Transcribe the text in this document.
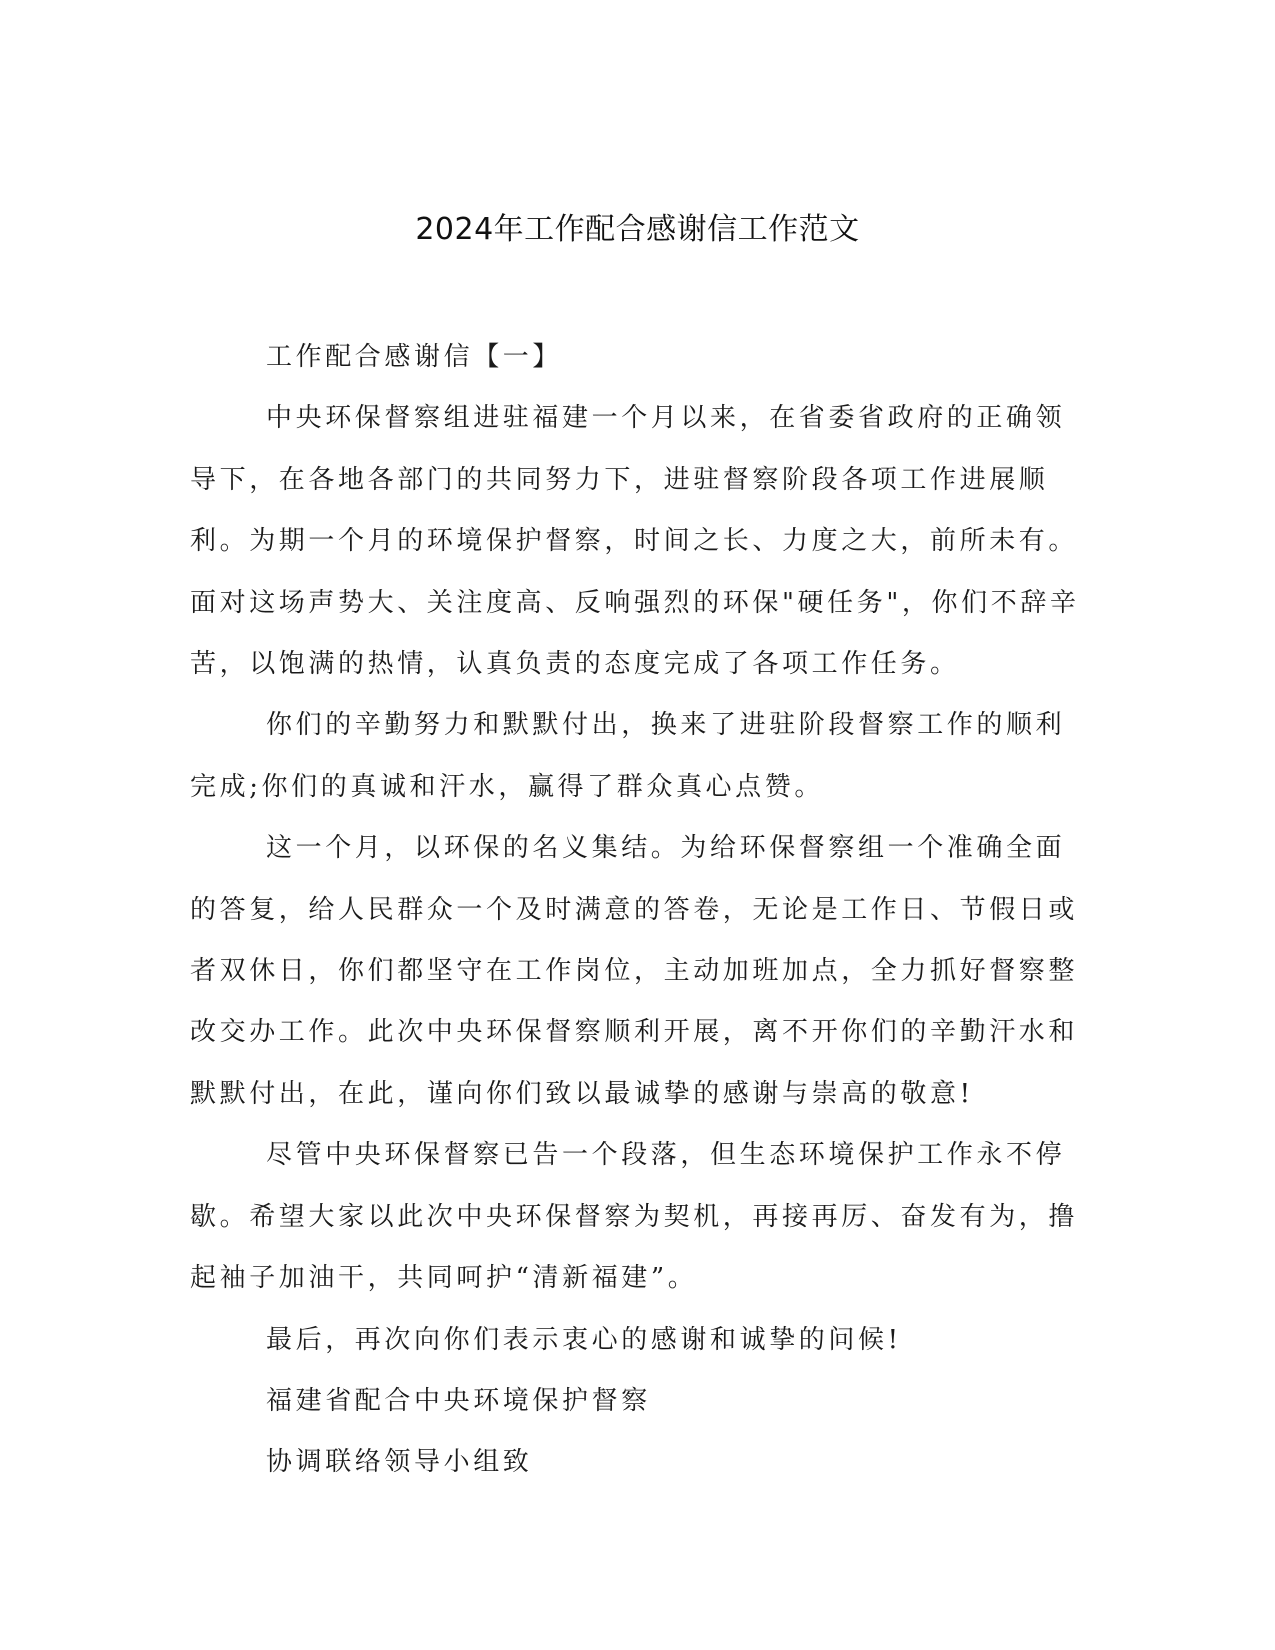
2024年工作配合感谢信工作范文

工作配合感谢信【一】

中央环保督察组进驻福建一个月以来，在省委省政府的正确领导下，在各地各部门的共同努力下，进驻督察阶段各项工作进展顺利。为期一个月的环境保护督察，时间之长、力度之大，前所未有。面对这场声势大、关注度高、反响强烈的环保"硬任务"，你们不辞辛苦，以饱满的热情，认真负责的态度完成了各项工作任务。

你们的辛勤努力和默默付出，换来了进驻阶段督察工作的顺利完成;你们的真诚和汗水，赢得了群众真心点赞。

这一个月，以环保的名义集结。为给环保督察组一个准确全面的答复，给人民群众一个及时满意的答卷，无论是工作日、节假日或者双休日，你们都坚守在工作岗位，主动加班加点，全力抓好督察整改交办工作。此次中央环保督察顺利开展，离不开你们的辛勤汗水和默默付出，在此，谨向你们致以最诚挚的感谢与崇高的敬意!

尽管中央环保督察已告一个段落，但生态环境保护工作永不停歇。希望大家以此次中央环保督察为契机，再接再厉、奋发有为，撸起袖子加油干，共同呵护“清新福建”。

最后，再次向你们表示衷心的感谢和诚挚的问候!

福建省配合中央环境保护督察

协调联络领导小组致
